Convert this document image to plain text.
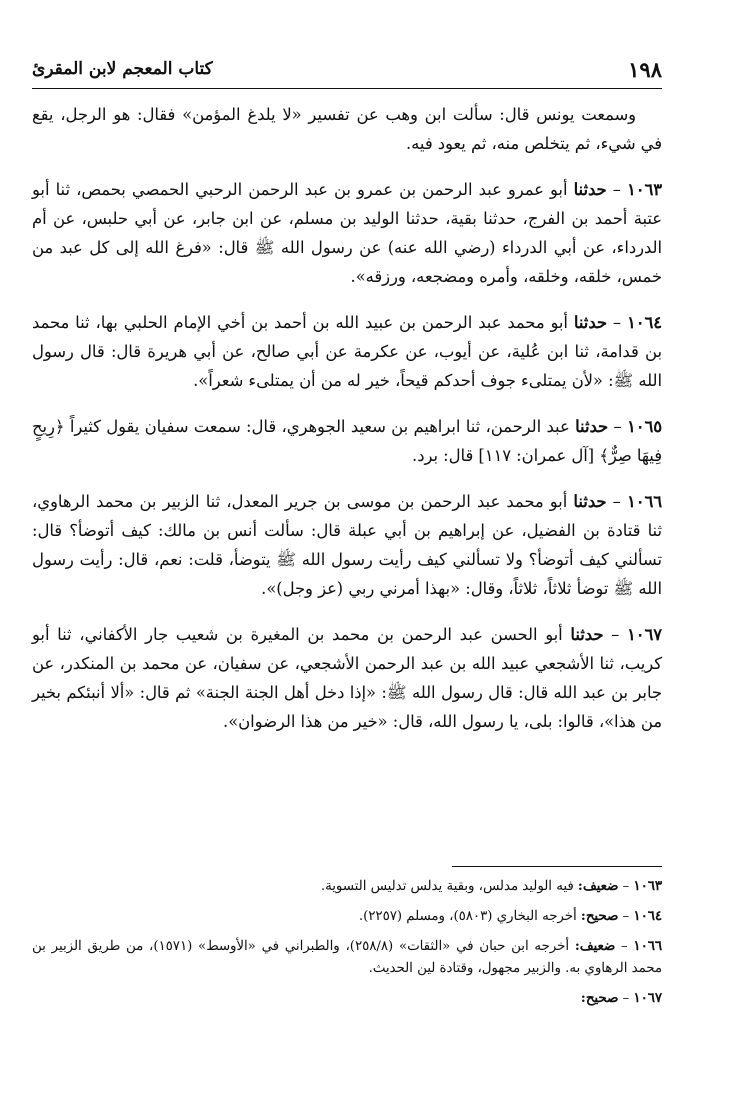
١٩٨
كتاب المعجم لابن المقرئ

وسمعت يونس قال: سألت ابن وهب عن تفسير «لا يلدغ المؤمن» فقال: هو الرجل، يقع في شيء، ثم يتخلص منه، ثم يعود فيه.

١٠٦٣ – حدثنا أبو عمرو عبد الرحمن بن عمرو بن عبد الرحمن الرحبي الحمصي بحمص، ثنا أبو عتبة أحمد بن الفرج، حدثنا بقية، حدثنا الوليد بن مسلم، عن ابن جابر، عن أبي حلبس، عن أم الدرداء، عن أبي الدرداء (رضي الله عنه) عن رسول الله ﷺ قال: «فرغ الله إلى كل عبد من خمس، خلقه، وخلقه، وأمره ومضجعه، ورزقه».

١٠٦٤ – حدثنا أبو محمد عبد الرحمن بن عبيد الله بن أحمد بن أخي الإمام الحلبي بها، ثنا محمد بن قدامة، ثنا ابن عُلية، عن أيوب، عن عكرمة عن أبي صالح، عن أبي هريرة قال: قال رسول الله ﷺ: «لأن يمتلىء جوف أحدكم قيحاً، خير له من أن يمتلىء شعراً».

١٠٦٥ – حدثنا عبد الرحمن، ثنا ابراهيم بن سعيد الجوهري، قال: سمعت سفيان يقول كثيراً ﴿رِيحٍ فِيهَا صِرٌّ﴾ [آل عمران: ١١٧] قال: برد.

١٠٦٦ – حدثنا أبو محمد عبد الرحمن بن موسى بن جرير المعدل، ثنا الزبير بن محمد الرهاوي، ثنا قتادة بن الفضيل، عن إبراهيم بن أبي عبلة قال: سألت أنس بن مالك: كيف أتوضأ؟ قال: تسألني كيف أتوضأ؟ ولا تسألني كيف رأيت رسول الله ﷺ يتوضأ، قلت: نعم، قال: رأيت رسول الله ﷺ توضأ ثلاثاً، ثلاثاً، وقال: «بهذا أمرني ربي (عز وجل)».

١٠٦٧ – حدثنا أبو الحسن عبد الرحمن بن محمد بن المغيرة بن شعيب جار الأكفاني، ثنا أبو كريب، ثنا الأشجعي عبيد الله بن عبد الرحمن الأشجعي، عن سفيان، عن محمد بن المنكدر، عن جابر بن عبد الله قال: قال رسول الله ﷺ: «إذا دخل أهل الجنة الجنة» ثم قال: «ألا أنبئكم بخير من هذا»، قالوا: بلى، يا رسول الله، قال: «خير من هذا الرضوان».

١٠٦٣ – ضعيف: فيه الوليد مدلس، وبقية يدلس تدليس التسوية.

١٠٦٤ – صحيح: أخرجه البخاري (٥٨٠٣)، ومسلم (٢٢٥٧).

١٠٦٦ – ضعيف: أخرجه ابن حبان في «الثقات» (٢٥٨/٨)، والطبراني في «الأوسط» (١٥٧١)، من طريق الزبير بن محمد الرهاوي به. والزبير مجهول، وقتادة لين الحديث.

١٠٦٧ – صحيح:
